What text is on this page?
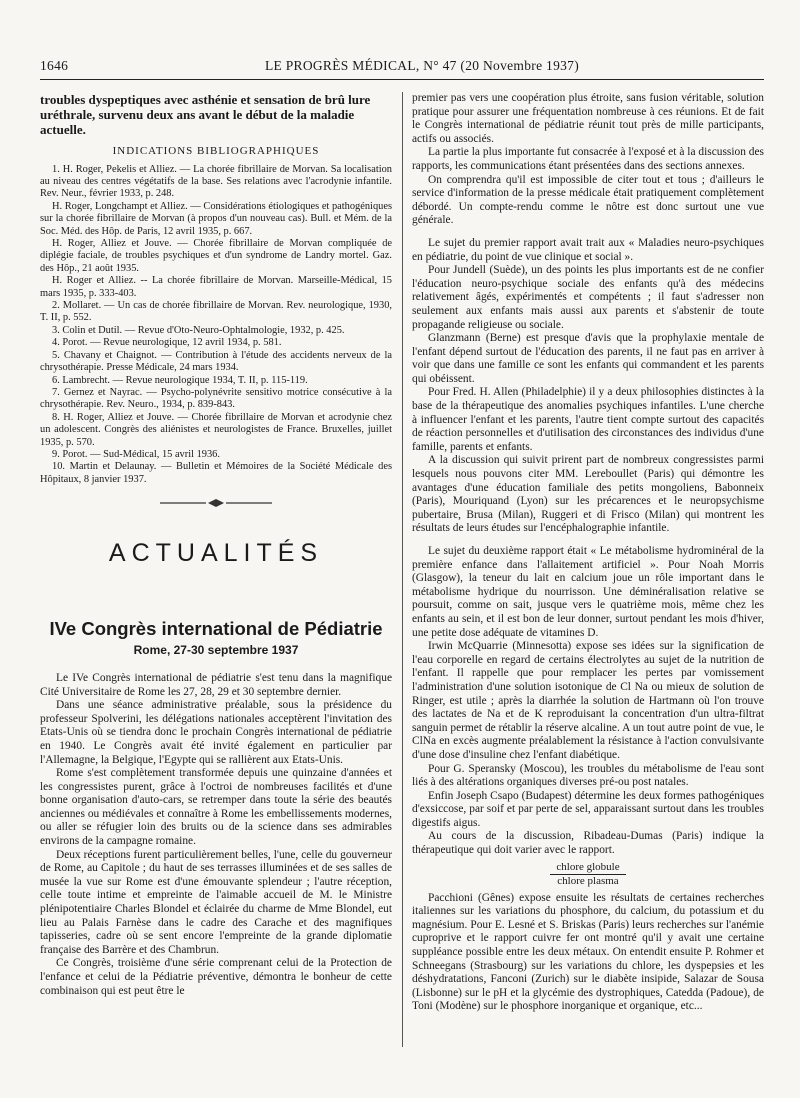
1646	LE PROGRÈS MÉDICAL, N° 47 (20 Novembre 1937)

troubles dyspeptiques avec asthénie et sensation de brû lure uréthrale, survenu deux ans avant le début de la maladie actuelle.

INDICATIONS BIBLIOGRAPHIQUES

1. H. Roger, Pekelis et Alliez. — La chorée fibrillaire de Morvan. Sa localisation au niveau des centres végétatifs de la base. Ses relations avec l'acrodynie infantile. Rev. Neur., février 1933, p. 248.

H. Roger, Longchampt et Alliez. — Considérations étiologiques et pathogéniques sur la chorée fibrillaire de Morvan (à propos d'un nouveau cas). Bull. et Mém. de la Soc. Méd. des Hôp. de Paris, 12 avril 1935, p. 667.

H. Roger, Alliez et Jouve. — Chorée fibrillaire de Morvan compliquée de diplégie faciale, de troubles psychiques et d'un syndrome de Landry mortel. Gaz. des Hôp., 21 août 1935.

H. Roger et Alliez. -- La chorée fibrillaire de Morvan. Marseille-Médical, 15 mars 1935, p. 333-403.

2. Mollaret. — Un cas de chorée fibrillaire de Morvan. Rev. neurologique, 1930, T. II, p. 552.

3. Colin et Dutil. — Revue d'Oto-Neuro-Ophtalmologie, 1932, p. 425.

4. Porot. — Revue neurologique, 12 avril 1934, p. 581.

5. Chavany et Chaignot. — Contribution à l'étude des accidents nerveux de la chrysothérapie. Presse Médicale, 24 mars 1934.

6. Lambrecht. — Revue neurologique 1934, T. II, p. 115-119.

7. Gernez et Nayrac. — Psycho-polynévrite sensitivo motrice consécutive à la chrysothérapie. Rev. Neuro., 1934, p. 839-843.

8. H. Roger, Alliez et Jouve. — Chorée fibrillaire de Morvan et acrodynie chez un adolescent. Congrès des aliénistes et neurologistes de France. Bruxelles, juillet 1935, p. 570.

9. Porot. — Sud-Médical, 15 avril 1936.

10. Martin et Delaunay. — Bulletin et Mémoires de la Société Médicale des Hôpitaux, 8 janvier 1937.

ACTUALITÉS
IVe Congrès international de Pédiatrie
Rome, 27-30 septembre 1937

Le IVe Congrès international de pédiatrie s'est tenu dans la magnifique Cité Universitaire de Rome les 27, 28, 29 et 30 septembre dernier.

Dans une séance administrative préalable, sous la présidence du professeur Spolverini, les délégations nationales acceptèrent l'invitation des Etats-Unis où se tiendra donc le prochain Congrès international de pédiatrie en 1940. Le Congrès avait été invité également en particulier par l'Allemagne, la Belgique, l'Egypte qui se rallièrent aux Etats-Unis.

Rome s'est complètement transformée depuis une quinzaine d'années et les congressistes purent, grâce à l'octroi de nombreuses facilités et d'une bonne organisation d'auto-cars, se retremper dans toute la série des beautés anciennes ou médiévales et connaître à Rome les embellissements modernes, ou aller se réfugier loin des bruits ou de la science dans ses admirables environs de la campagne romaine.

Deux réceptions furent particulièrement belles, l'une, celle du gouverneur de Rome, au Capitole ; du haut de ses terrasses illuminées et de ses salles de musée la vue sur Rome est d'une émouvante splendeur ; l'autre réception, celle toute intime et empreinte de l'aimable accueil de M. le Ministre plénipotentiaire Charles Blondel et éclairée du charme de Mme Blondel, eut lieu au Palais Farnèse dans le cadre des Carache et des magnifiques tapisseries, cadre où se sent encore l'empreinte de la grande diplomatie française des Barrère et des Chambrun.

Ce Congrès, troisième d'une série comprenant celui de la Protection de l'enfance et celui de la Pédiatrie préventive, démontra le bonheur de cette combinaison qui est peut être le

premier pas vers une coopération plus étroite, sans fusion véritable, solution pratique pour assurer une fréquentation nombreuse à ces réunions. Et de fait le Congrès international de pédiatrie réunit tout près de mille participants, actifs ou associés.

La partie la plus importante fut consacrée à l'exposé et à la discussion des rapports, les communications étant présentées dans des sections annexes.

On comprendra qu'il est impossible de citer tout et tous ; d'ailleurs le service d'information de la presse médicale était pratiquement complètement débordé. Un compte-rendu comme le nôtre est donc surtout une vue générale.

Le sujet du premier rapport avait trait aux « Maladies neuro-psychiques en pédiatrie, du point de vue clinique et social ».

Pour Jundell (Suède), un des points les plus importants est de ne confier l'éducation neuro-psychique sociale des enfants qu'à des médecins relativement âgés, expérimentés et compétents ; il faut s'adresser non seulement aux enfants mais aussi aux parents et s'abstenir de toute propagande religieuse ou sociale.

Glanzmann (Berne) est presque d'avis que la prophylaxie mentale de l'enfant dépend surtout de l'éducation des parents, il ne faut pas en arriver à voir que dans une famille ce sont les enfants qui commandent et les parents qui obéissent.

Pour Fred. H. Allen (Philadelphie) il y a deux philosophies distinctes à la base de la thérapeutique des anomalies psychiques infantiles. L'une cherche à influencer l'enfant et les parents, l'autre tient compte surtout des capacités de réaction personnelles et d'utilisation des circonstances des individus d'une famille, parents et enfants.

A la discussion qui suivit prirent part de nombreux congressistes parmi lesquels nous pouvons citer MM. Lereboullet (Paris) qui démontre les avantages d'une éducation familiale des petits mongoliens, Babonneix (Paris), Mouriquand (Lyon) sur les précarences et le neuropsychisme pubertaire, Brusa (Milan), Ruggeri et di Frisco (Milan) qui montrent les résultats de leurs études sur l'encéphalographie infantile.

Le sujet du deuxième rapport était « Le métabolisme hydrominéral de la première enfance dans l'allaitement artificiel ». Pour Noah Morris (Glasgow), la teneur du lait en calcium joue un rôle important dans le métabolisme hydrique du nourrisson. Une déminéralisation relative se poursuit, comme on sait, jusque vers le quatrième mois, même chez les enfants au sein, et il est bon de leur donner, surtout pendant les mois d'hiver, une petite dose adéquate de vitamines D.

Irwin McQuarrie (Minnesotta) expose ses idées sur la signification de l'eau corporelle en regard de certains électrolytes au sujet de la nutrition de l'enfant. Il rappelle que pour remplacer les pertes par vomissement l'administration d'une solution isotonique de Cl Na ou mieux de solution de Ringer, est utile ; après la diarrhée la solution de Hartmann où l'on trouve des lactates de Na et de K reproduisant la concentration d'un ultra-filtrat sanguin permet de rétablir la réserve alcaline. A un tout autre point de vue, le ClNa en excès augmente préalablement la résistance à l'action convulsivante d'une dose d'insuline chez l'enfant diabétique.

Pour G. Speransky (Moscou), les troubles du métabolisme de l'eau sont liés à des altérations organiques diverses pré-ou post natales.

Enfin Joseph Csapo (Budapest) détermine les deux formes pathogéniques d'exsiccose, par soif et par perte de sel, apparaissant surtout dans les troubles digestifs aigus.

Au cours de la discussion, Ribadeau-Dumas (Paris) indique la thérapeutique qui doit varier avec le rapport.

chlore globule
chlore plasma

Pacchioni (Gênes) expose ensuite les résultats de certaines recherches italiennes sur les variations du phosphore, du calcium, du potassium et du magnésium. Pour E. Lesné et S. Briskas (Paris) leurs recherches sur l'anémie cuproprive et le rapport cuivre fer ont montré qu'il y avait une certaine suppléance possible entre les deux métaux. On entendit ensuite P. Rohmer et Schneegans (Strasbourg) sur les variations du chlore, les dyspepsies et les déshydratations, Fanconi (Zurich) sur le diabète insipide, Salazar de Sousa (Lisbonne) sur le pH et la glycémie des dystrophiques, Catedda (Padoue), de Toni (Modène) sur le phosphore inorganique et organique, etc...
